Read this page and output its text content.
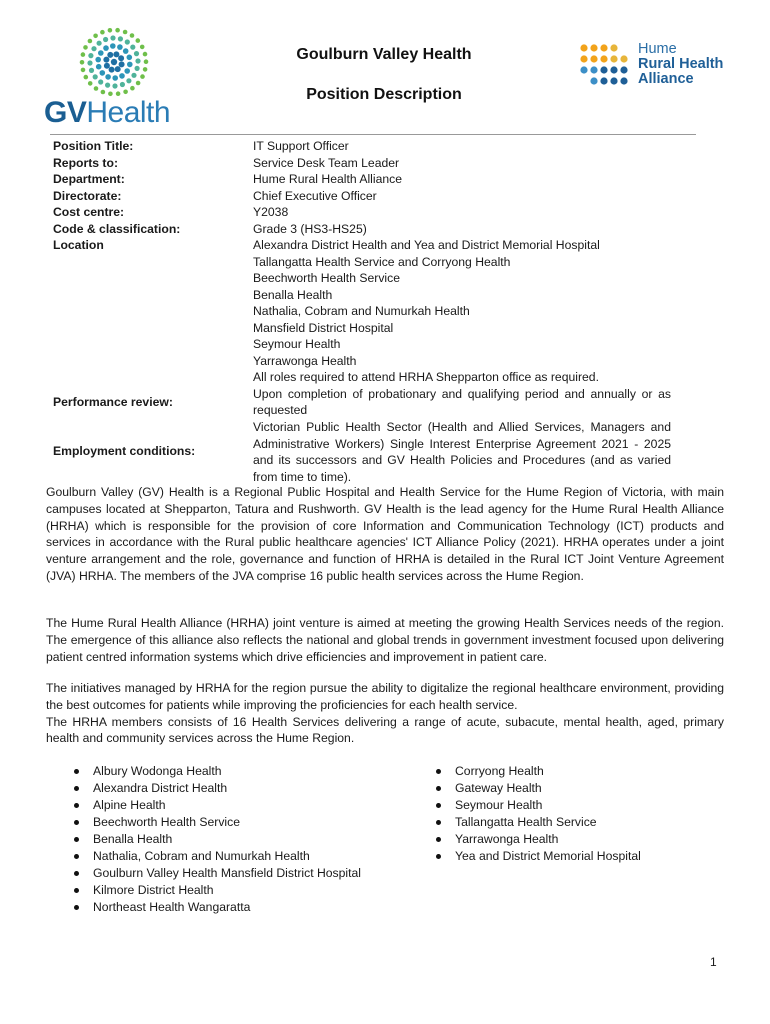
GVHealth
Hume
Rural Health
Alliance
Goulburn Valley Health
Position Description
Position Title:
Reports to:
Department:
Directorate:
Cost centre:
Code & classification:
Location
Performance review:
Employment conditions:
IT Support Officer
Service Desk Team Leader
Hume Rural Health Alliance
Chief Executive Officer
Y2038
Grade 3 (HS3-HS25)
Alexandra District Health and Yea and District Memorial Hospital
Tallangatta Health Service and Corryong Health
Beechworth Health Service
Benalla Health
Nathalia, Cobram and Numurkah Health
Mansfield District Hospital
Seymour Health
Yarrawonga Health
All roles required to attend HRHA Shepparton office as required.
Upon completion of probationary and qualifying period and annually or as requested
Victorian Public Health Sector (Health and Allied Services, Managers and Administrative Workers) Single Interest Enterprise Agreement 2021 - 2025 and its successors and GV Health Policies and Procedures (and as varied from time to time).

Goulburn Valley (GV) Health is a Regional Public Hospital and Health Service for the Hume Region of Victoria, with main campuses located at Shepparton, Tatura and Rushworth. GV Health is the lead agency for the Hume Rural Health Alliance (HRHA) which is responsible for the provision of core Information and Communication Technology (ICT) products and services in accordance with the Rural public healthcare agencies' ICT Alliance Policy (2021). HRHA operates under a joint venture arrangement and the role, governance and function of HRHA is detailed in the Rural ICT Joint Venture Agreement (JVA) HRHA. The members of the JVA comprise 16 public health services across the Hume Region.

The Hume Rural Health Alliance (HRHA) joint venture is aimed at meeting the growing Health Services needs of the region. The emergence of this alliance also reflects the national and global trends in government investment focused upon delivering patient centred information systems which drive efficiencies and improvement in patient care.

The initiatives managed by HRHA for the region pursue the ability to digitalize the regional healthcare environment, providing the best outcomes for patients while improving the proficiencies for each health service.

The HRHA members consists of 16 Health Services delivering a range of acute, subacute, mental health, aged, primary health and community services across the Hume Region.

Albury Wodonga Health
Alexandra District Health
Alpine Health
Beechworth Health Service
Benalla Health
Nathalia, Cobram and Numurkah Health
Goulburn Valley Health Mansfield District Hospital
Kilmore District Health
Northeast Health Wangaratta
Corryong Health
Gateway Health
Seymour Health
Tallangatta Health Service
Yarrawonga Health
Yea and District Memorial Hospital
1
